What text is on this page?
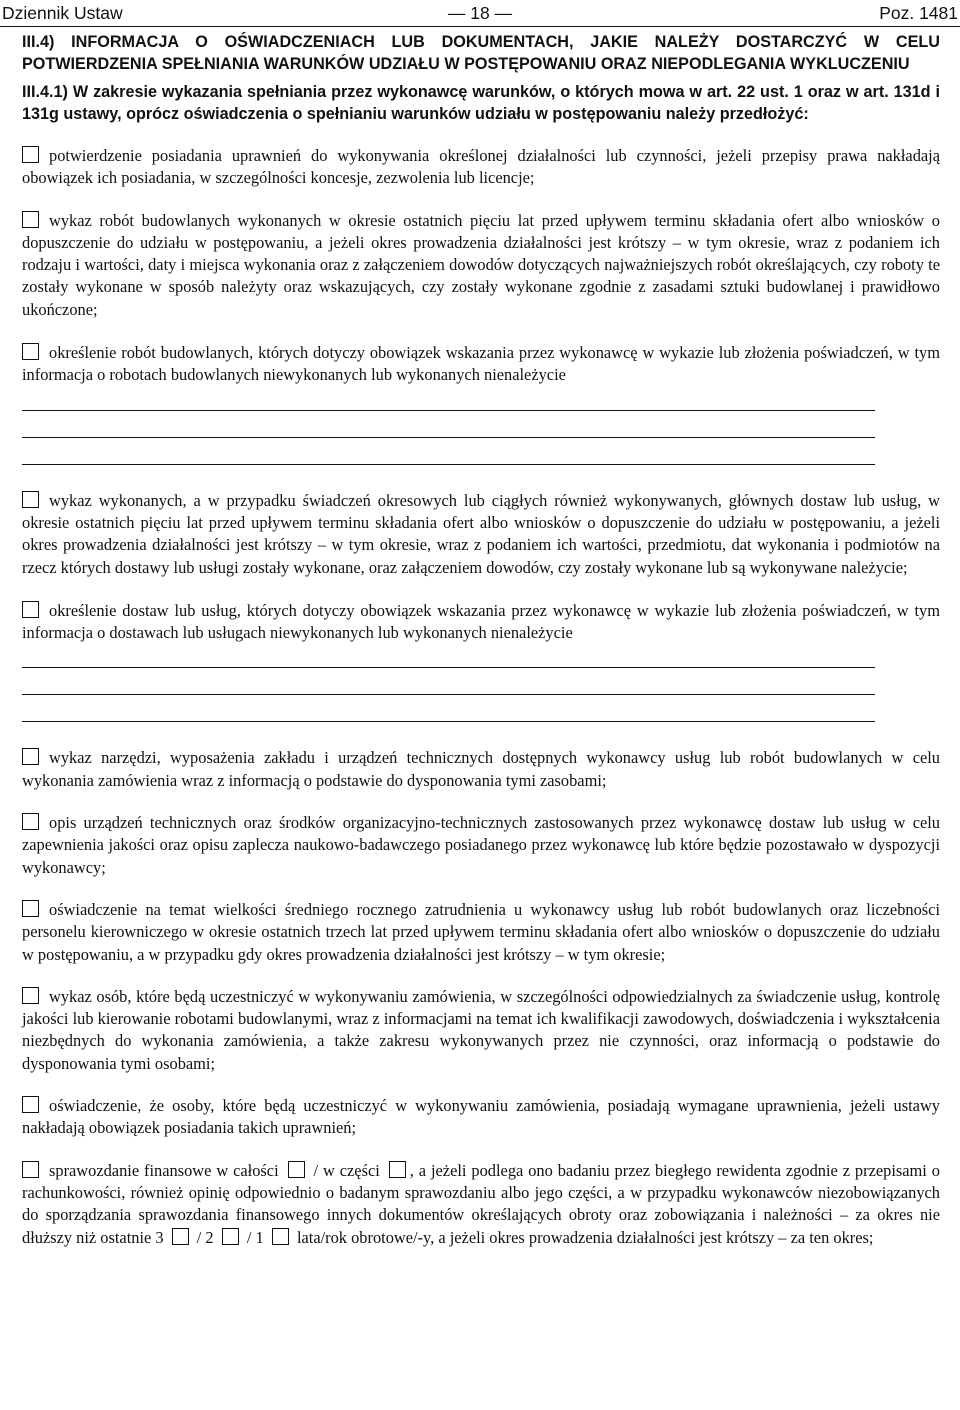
Dziennik Ustaw	— 18 —	Poz. 1481

III.4) INFORMACJA O OŚWIADCZENIACH LUB DOKUMENTACH, JAKIE NALEŻY DOSTARCZYĆ W CELU POTWIERDZENIA SPEŁNIANIA WARUNKÓW UDZIAŁU W POSTĘPOWANIU ORAZ NIEPODLEGANIA WYKLUCZENIU

III.4.1) W zakresie wykazania spełniania przez wykonawcę warunków, o których mowa w art. 22 ust. 1 oraz w art. 131d i 131g ustawy, oprócz oświadczenia o spełnianiu warunków udziału w postępowaniu należy przedłożyć:

potwierdzenie posiadania uprawnień do wykonywania określonej działalności lub czynności, jeżeli przepisy prawa nakładają obowiązek ich posiadania, w szczególności koncesje, zezwolenia lub licencje;

wykaz robót budowlanych wykonanych w okresie ostatnich pięciu lat przed upływem terminu składania ofert albo wniosków o dopuszczenie do udziału w postępowaniu, a jeżeli okres prowadzenia działalności jest krótszy – w tym okresie, wraz z podaniem ich rodzaju i wartości, daty i miejsca wykonania oraz z załączeniem dowodów dotyczących najważniejszych robót określających, czy roboty te zostały wykonane w sposób należyty oraz wskazujących, czy zostały wykonane zgodnie z zasadami sztuki budowlanej i prawidłowo ukończone;

określenie robót budowlanych, których dotyczy obowiązek wskazania przez wykonawcę w wykazie lub złożenia poświadczeń, w tym informacja o robotach budowlanych niewykonanych lub wykonanych nienależycie

wykaz wykonanych, a w przypadku świadczeń okresowych lub ciągłych również wykonywanych, głównych dostaw lub usług, w okresie ostatnich pięciu lat przed upływem terminu składania ofert albo wniosków o dopuszczenie do udziału w postępowaniu, a jeżeli okres prowadzenia działalności jest krótszy – w tym okresie, wraz z podaniem ich wartości, przedmiotu, dat wykonania i podmiotów na rzecz których dostawy lub usługi zostały wykonane, oraz załączeniem dowodów, czy zostały wykonane lub są wykonywane należycie;

określenie dostaw lub usług, których dotyczy obowiązek wskazania przez wykonawcę w wykazie lub złożenia poświadczeń, w tym informacja o dostawach lub usługach niewykonanych lub wykonanych nienależycie

wykaz narzędzi, wyposażenia zakładu i urządzeń technicznych dostępnych wykonawcy usług lub robót budowlanych w celu wykonania zamówienia wraz z informacją o podstawie do dysponowania tymi zasobami;

opis urządzeń technicznych oraz środków organizacyjno-technicznych zastosowanych przez wykonawcę dostaw lub usług w celu zapewnienia jakości oraz opisu zaplecza naukowo-badawczego posiadanego przez wykonawcę lub które będzie pozostawało w dyspozycji wykonawcy;

oświadczenie na temat wielkości średniego rocznego zatrudnienia u wykonawcy usług lub robót budowlanych oraz liczebności personelu kierowniczego w okresie ostatnich trzech lat przed upływem terminu składania ofert albo wniosków o dopuszczenie do udziału w postępowaniu, a w przypadku gdy okres prowadzenia działalności jest krótszy – w tym okresie;

wykaz osób, które będą uczestniczyć w wykonywaniu zamówienia, w szczególności odpowiedzialnych za świadczenie usług, kontrolę jakości lub kierowanie robotami budowlanymi, wraz z informacjami na temat ich kwalifikacji zawodowych, doświadczenia i wykształcenia niezbędnych do wykonania zamówienia, a także zakresu wykonywanych przez nie czynności, oraz informacją o podstawie do dysponowania tymi osobami;

oświadczenie, że osoby, które będą uczestniczyć w wykonywaniu zamówienia, posiadają wymagane uprawnienia, jeżeli ustawy nakładają obowiązek posiadania takich uprawnień;

sprawozdanie finansowe w całości / w części , a jeżeli podlega ono badaniu przez biegłego rewidenta zgodnie z przepisami o rachunkowości, również opinię odpowiednio o badanym sprawozdaniu albo jego części, a w przypadku wykonawców niezobowiązanych do sporządzania sprawozdania finansowego innych dokumentów określających obroty oraz zobowiązania i należności – za okres nie dłuższy niż ostatnie 3 / 2 / 1 lata/rok obrotowe/-y, a jeżeli okres prowadzenia działalności jest krótszy – za ten okres;
